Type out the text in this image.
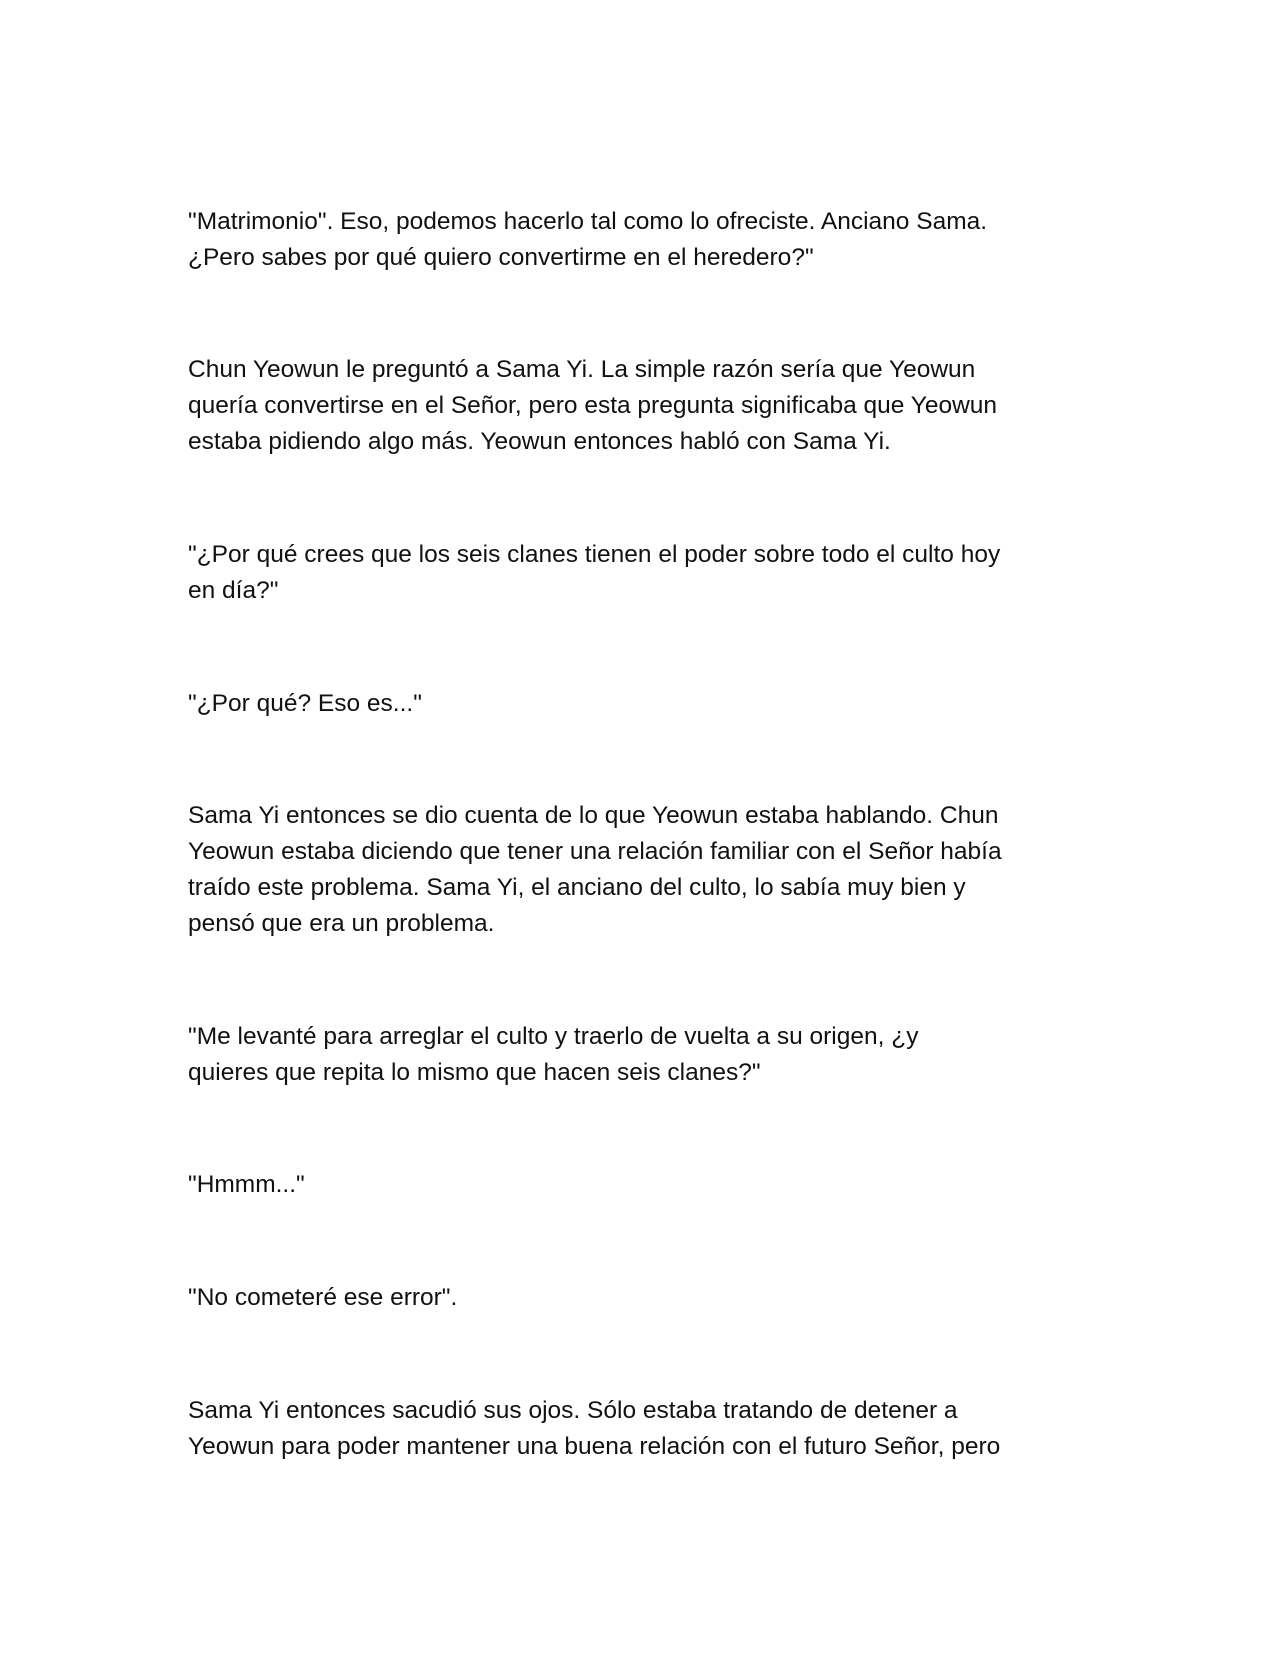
"Matrimonio". Eso, podemos hacerlo tal como lo ofreciste. Anciano Sama.
¿Pero sabes por qué quiero convertirme en el heredero?"

Chun Yeowun le preguntó a Sama Yi. La simple razón sería que Yeowun
quería convertirse en el Señor, pero esta pregunta significaba que Yeowun
estaba pidiendo algo más. Yeowun entonces habló con Sama Yi.

"¿Por qué crees que los seis clanes tienen el poder sobre todo el culto hoy
en día?"

"¿Por qué? Eso es..."

Sama Yi entonces se dio cuenta de lo que Yeowun estaba hablando. Chun
Yeowun estaba diciendo que tener una relación familiar con el Señor había
traído este problema. Sama Yi, el anciano del culto, lo sabía muy bien y
pensó que era un problema.

"Me levanté para arreglar el culto y traerlo de vuelta a su origen, ¿y
quieres que repita lo mismo que hacen seis clanes?"

"Hmmm..."

"No cometeré ese error".

Sama Yi entonces sacudió sus ojos. Sólo estaba tratando de detener a
Yeowun para poder mantener una buena relación con el futuro Señor, pero
